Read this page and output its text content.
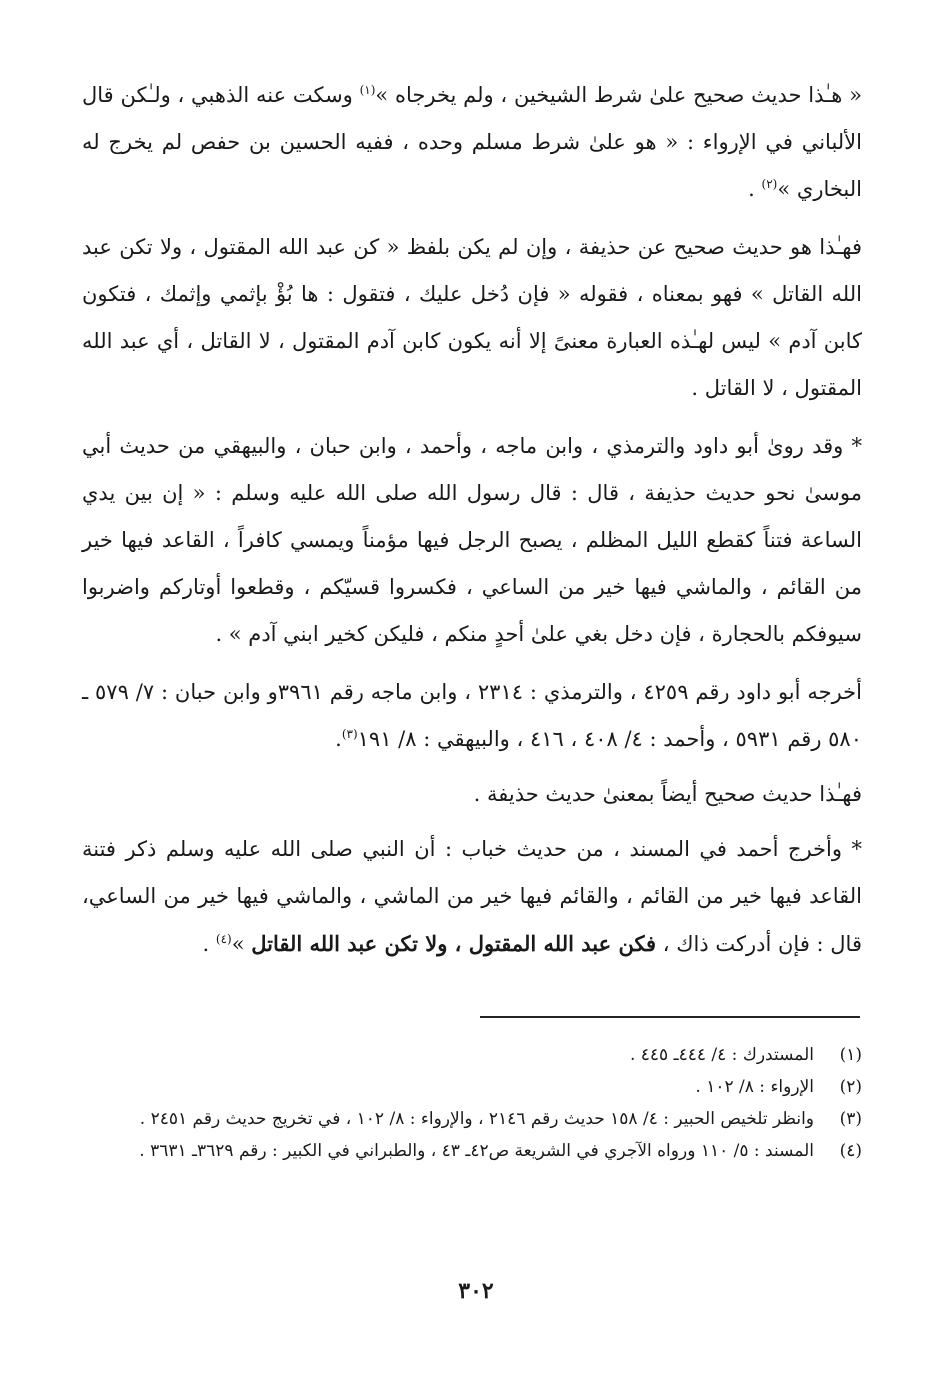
« هـٰذا حديث صحيح علىٰ شرط الشيخين ، ولم يخرجاه »$^{(١)}$ وسكت عنه الذهبي ، ولـٰكن قال الألباني في الإرواء : « هو علىٰ شرط مسلم وحده ، ففيه الحسين بن حفص لم يخرج له البخاري »$^{(٢)}$ .

فهـٰذا هو حديث صحيح عن حذيفة ، وإن لم يكن بلفظ « كن عبد الله المقتول ، ولا تكن عبد الله القاتل » فهو بمعناه ، فقوله « فإن دُخل عليك ، فتقول : ها بُؤْ بإثمي وإثمك ، فتكون كابن آدم » ليس لهـٰذه العبارة معنىً إلا أنه يكون كابن آدم المقتول ، لا القاتل ، أي عبد الله المقتول ، لا القاتل .

* وقد روىٰ أبو داود والترمذي ، وابن ماجه ، وأحمد ، وابن حبان ، والبيهقي من حديث أبي موسىٰ نحو حديث حذيفة ، قال : قال رسول الله صلى الله عليه وسلم : « إن بين يدي الساعة فتناً كقطع الليل المظلم ، يصبح الرجل فيها مؤمناً ويمسي كافراً ، القاعد فيها خير من القائم ، والماشي فيها خير من الساعي ، فكسروا قسيّكم ، وقطعوا أوتاركم واضربوا سيوفكم بالحجارة ، فإن دخل بغي علىٰ أحدٍ منكم ، فليكن كخير ابني آدم » .

أخرجه أبو داود رقم ٤٢٥٩ ، والترمذي : ٢٣١٤ ، وابن ماجه رقم ٣٩٦١و وابن حبان : ٧/ ٥٧٩ ـ ٥٨٠ رقم ٥٩٣١ ، وأحمد : ٤/ ٤٠٨ ، ٤١٦ ، والبيهقي : ٨/ ١٩١$^{(٣)}$.

فهـٰذا حديث صحيح أيضاً بمعنىٰ حديث حذيفة .

* وأخرج أحمد في المسند ، من حديث خباب : أن النبي صلى الله عليه وسلم ذكر فتنة القاعد فيها خير من القائم ، والقائم فيها خير من الماشي ، والماشي فيها خير من الساعي، قال : فإن أدركت ذاك ، فكن عبد الله المقتول ، ولا تكن عبد الله القاتل »$^{(٤)}$ .

(١)
المستدرك : ٤/ ٤٤٤ـ ٤٤٥ .
(٢)
الإرواء : ٨/ ١٠٢ .
(٣)
وانظر تلخيص الحبير : ٤/ ١٥٨ حديث رقم ٢١٤٦ ، والإرواء : ٨/ ١٠٢ ، في تخريج حديث رقم ٢٤٥١ .
(٤)
المسند : ٥/ ١١٠ ورواه الآجري في الشريعة ص٤٢ـ ٤٣ ، والطبراني في الكبير : رقم ٣٦٢٩ـ ٣٦٣١ .
٣٠٢
